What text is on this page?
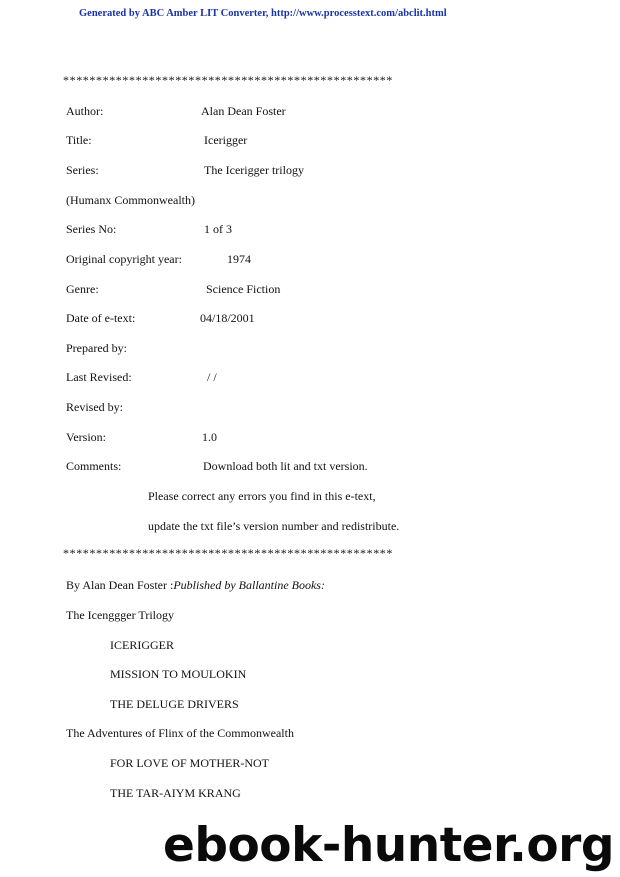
Generated by ABC Amber LIT Converter, http://www.processtext.com/abclit.html
**************************************************
Author:	Alan Dean Foster
Title:	Icerigger
Series:	The Icerigger trilogy
(Humanx Commonwealth)
Series No:	1 of 3
Original copyright year:	1974
Genre:	Science Fiction
Date of e-text:	04/18/2001
Prepared by:
Last Revised:	/ /
Revised by:
Version:	1.0
Comments:	Download both lit and txt version.
Please correct any errors you find in this e-text,
update the txt file’s version number and redistribute.
**************************************************
By Alan Dean Foster :Published by Ballantine Books:
The Icenggger Trilogy
ICERIGGER
MISSION TO MOULOKIN
THE DELUGE DRIVERS
The Adventures of Flinx of the Commonwealth
FOR LOVE OF MOTHER-NOT
THE TAR-AIYM KRANG
ebook-hunter.org
